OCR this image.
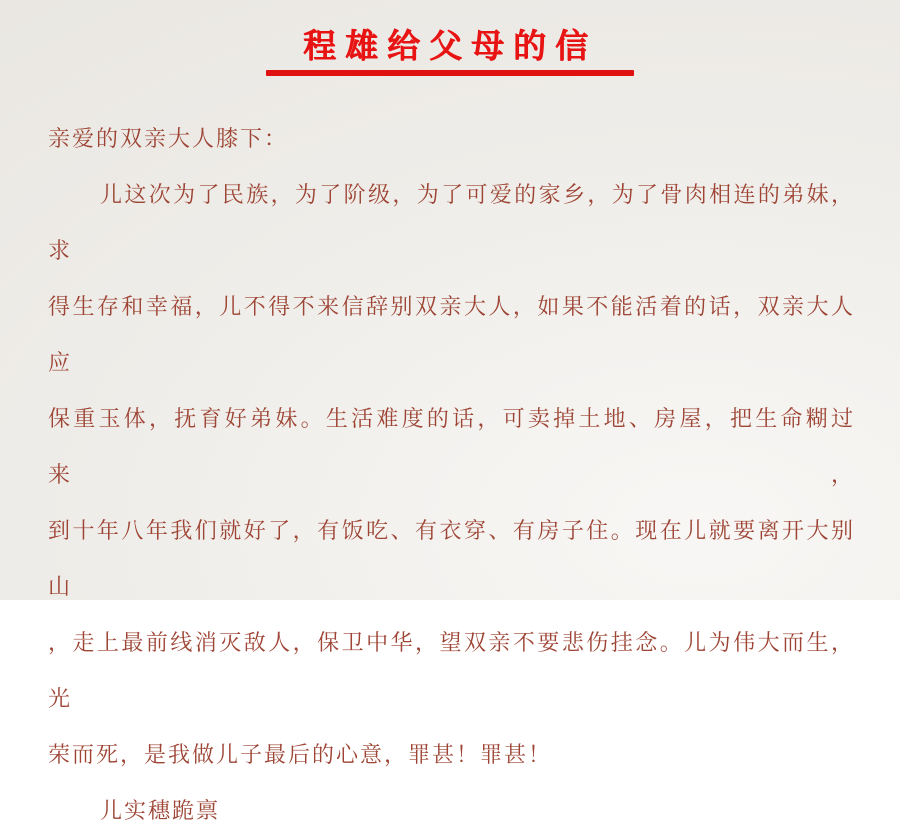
程雄给父母的信
亲爱的双亲大人膝下：
儿这次为了民族，为了阶级，为了可爱的家乡，为了骨肉相连的弟妹，求
得生存和幸福，儿不得不来信辞别双亲大人，如果不能活着的话，双亲大人应
保重玉体，抚育好弟妹。生活难度的话，可卖掉土地、房屋，把生命糊过来，
到十年八年我们就好了，有饭吃、有衣穿、有房子住。现在儿就要离开大别山
，走上最前线消灭敌人，保卫中华，望双亲不要悲伤挂念。儿为伟大而生，光
荣而死，是我做儿子最后的心意，罪甚！罪甚！
儿实穗跪禀
